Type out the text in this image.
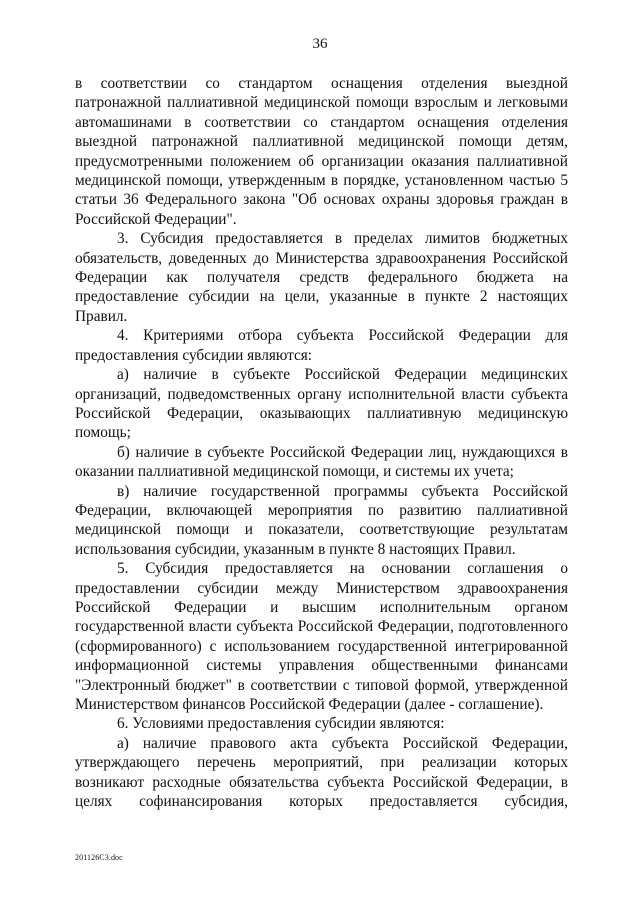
36

в соответствии со стандартом оснащения отделения выездной патронажной паллиативной медицинской помощи взрослым и легковыми автомашинами в соответствии со стандартом оснащения отделения выездной патронажной паллиативной медицинской помощи детям, предусмотренными положением об организации оказания паллиативной медицинской помощи, утвержденным в порядке, установленном частью 5 статьи 36 Федерального закона "Об основах охраны здоровья граждан в Российской Федерации".

3. Субсидия предоставляется в пределах лимитов бюджетных обязательств, доведенных до Министерства здравоохранения Российской Федерации как получателя средств федерального бюджета на предоставление субсидии на цели, указанные в пункте 2 настоящих Правил.

4. Критериями отбора субъекта Российской Федерации для предоставления субсидии являются:

а) наличие в субъекте Российской Федерации медицинских организаций, подведомственных органу исполнительной власти субъекта Российской Федерации, оказывающих паллиативную медицинскую помощь;

б) наличие в субъекте Российской Федерации лиц, нуждающихся в оказании паллиативной медицинской помощи, и системы их учета;

в) наличие государственной программы субъекта Российской Федерации, включающей мероприятия по развитию паллиативной медицинской помощи и показатели, соответствующие результатам использования субсидии, указанным в пункте 8 настоящих Правил.

5. Субсидия предоставляется на основании соглашения о предоставлении субсидии между Министерством здравоохранения Российской Федерации и высшим исполнительным органом государственной власти субъекта Российской Федерации, подготовленного (сформированного) с использованием государственной интегрированной информационной системы управления общественными финансами "Электронный бюджет" в соответствии с типовой формой, утвержденной Министерством финансов Российской Федерации (далее - соглашение).

6. Условиями предоставления субсидии являются:

а) наличие правового акта субъекта Российской Федерации, утверждающего перечень мероприятий, при реализации которых возникают расходные обязательства субъекта Российской Федерации, в целях софинансирования которых предоставляется субсидия,

201126C3.doc
